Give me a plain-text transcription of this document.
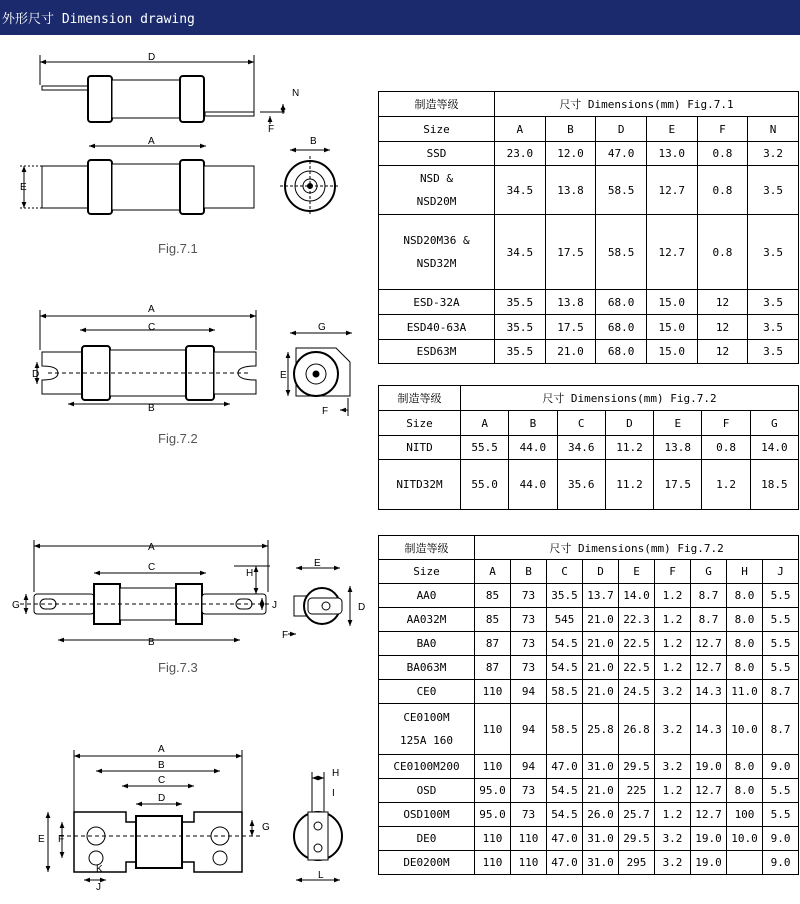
外形尺寸 Dimension drawing
Fig.7.1
D
N
F
A
E
B
Fig.7.2
A
C
D
B
G
E
F
Fig.7.3
A
C
H
G	J
B
E
D
F
A
B
C
D
E F
K
J
G
H
I
L
制造等级	尺寸 Dimensions(mm) Fig.7.1					
Size	A	B	D	E	F	N

SSD	23.0	12.0	47.0	13.0	0.8	3.2

NSD &
NSD20M	34.5	13.8	58.5	12.7	0.8	3.5

NSD20M36 &
NSD32M	34.5	17.5	58.5	12.7	0.8	3.5

ESD-32A	35.5	13.8	68.0	15.0	12	3.5

ESD40-63A	35.5	17.5	68.0	15.0	12	3.5

ESD63M	35.5	21.0	68.0	15.0	12	3.5
制造等级	尺寸 Dimensions(mm) Fig.7.2						
Size	A	B	C	D	E	F	G

NITD	55.5	44.0	34.6	11.2	13.8	0.8	14.0

NITD32M	55.0	44.0	35.6	11.2	17.5	1.2	18.5
制造等级	尺寸 Dimensions(mm) Fig.7.2								
Size	A	B	C	D	E	F	G	H	J

AA0	85	73	35.5	13.7	14.0	1.2	8.7	8.0	5.5

AA032M	85	73	545	21.0	22.3	1.2	8.7	8.0	5.5

BA0	87	73	54.5	21.0	22.5	1.2	12.7	8.0	5.5

BA063M	87	73	54.5	21.0	22.5	1.2	12.7	8.0	5.5

CE0	110	94	58.5	21.0	24.5	3.2	14.3	11.0	8.7

CE0100M
125A 160	110	94	58.5	25.8	26.8	3.2	14.3	10.0	8.7

CE0100M200	110	94	47.0	31.0	29.5	3.2	19.0	8.0	9.0

OSD	95.0	73	54.5	21.0	225	1.2	12.7	8.0	5.5

OSD100M	95.0	73	54.5	26.0	25.7	1.2	12.7	100	5.5

DE0	110	110	47.0	31.0	29.5	3.2	19.0	10.0	9.0

DE0200M	110	110	47.0	31.0	295	3.2	19.0		9.0
